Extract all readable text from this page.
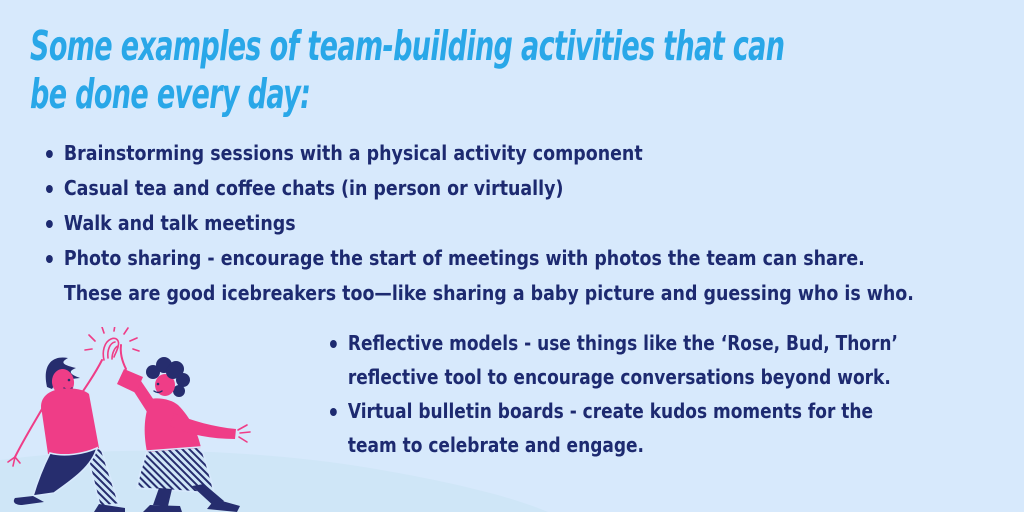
Some examples of team-building activities that can
be done every day:
Brainstorming sessions with a physical activity component
Casual tea and coffee chats (in person or virtually)
Walk and talk meetings
Photo sharing - encourage the start of meetings with photos the team can share.
These are good icebreakers too—like sharing a baby picture and guessing who is who.
Reflective models - use things like the ‘Rose, Bud, Thorn’
reflective tool to encourage conversations beyond work.
Virtual bulletin boards - create kudos moments for the
team to celebrate and engage.
